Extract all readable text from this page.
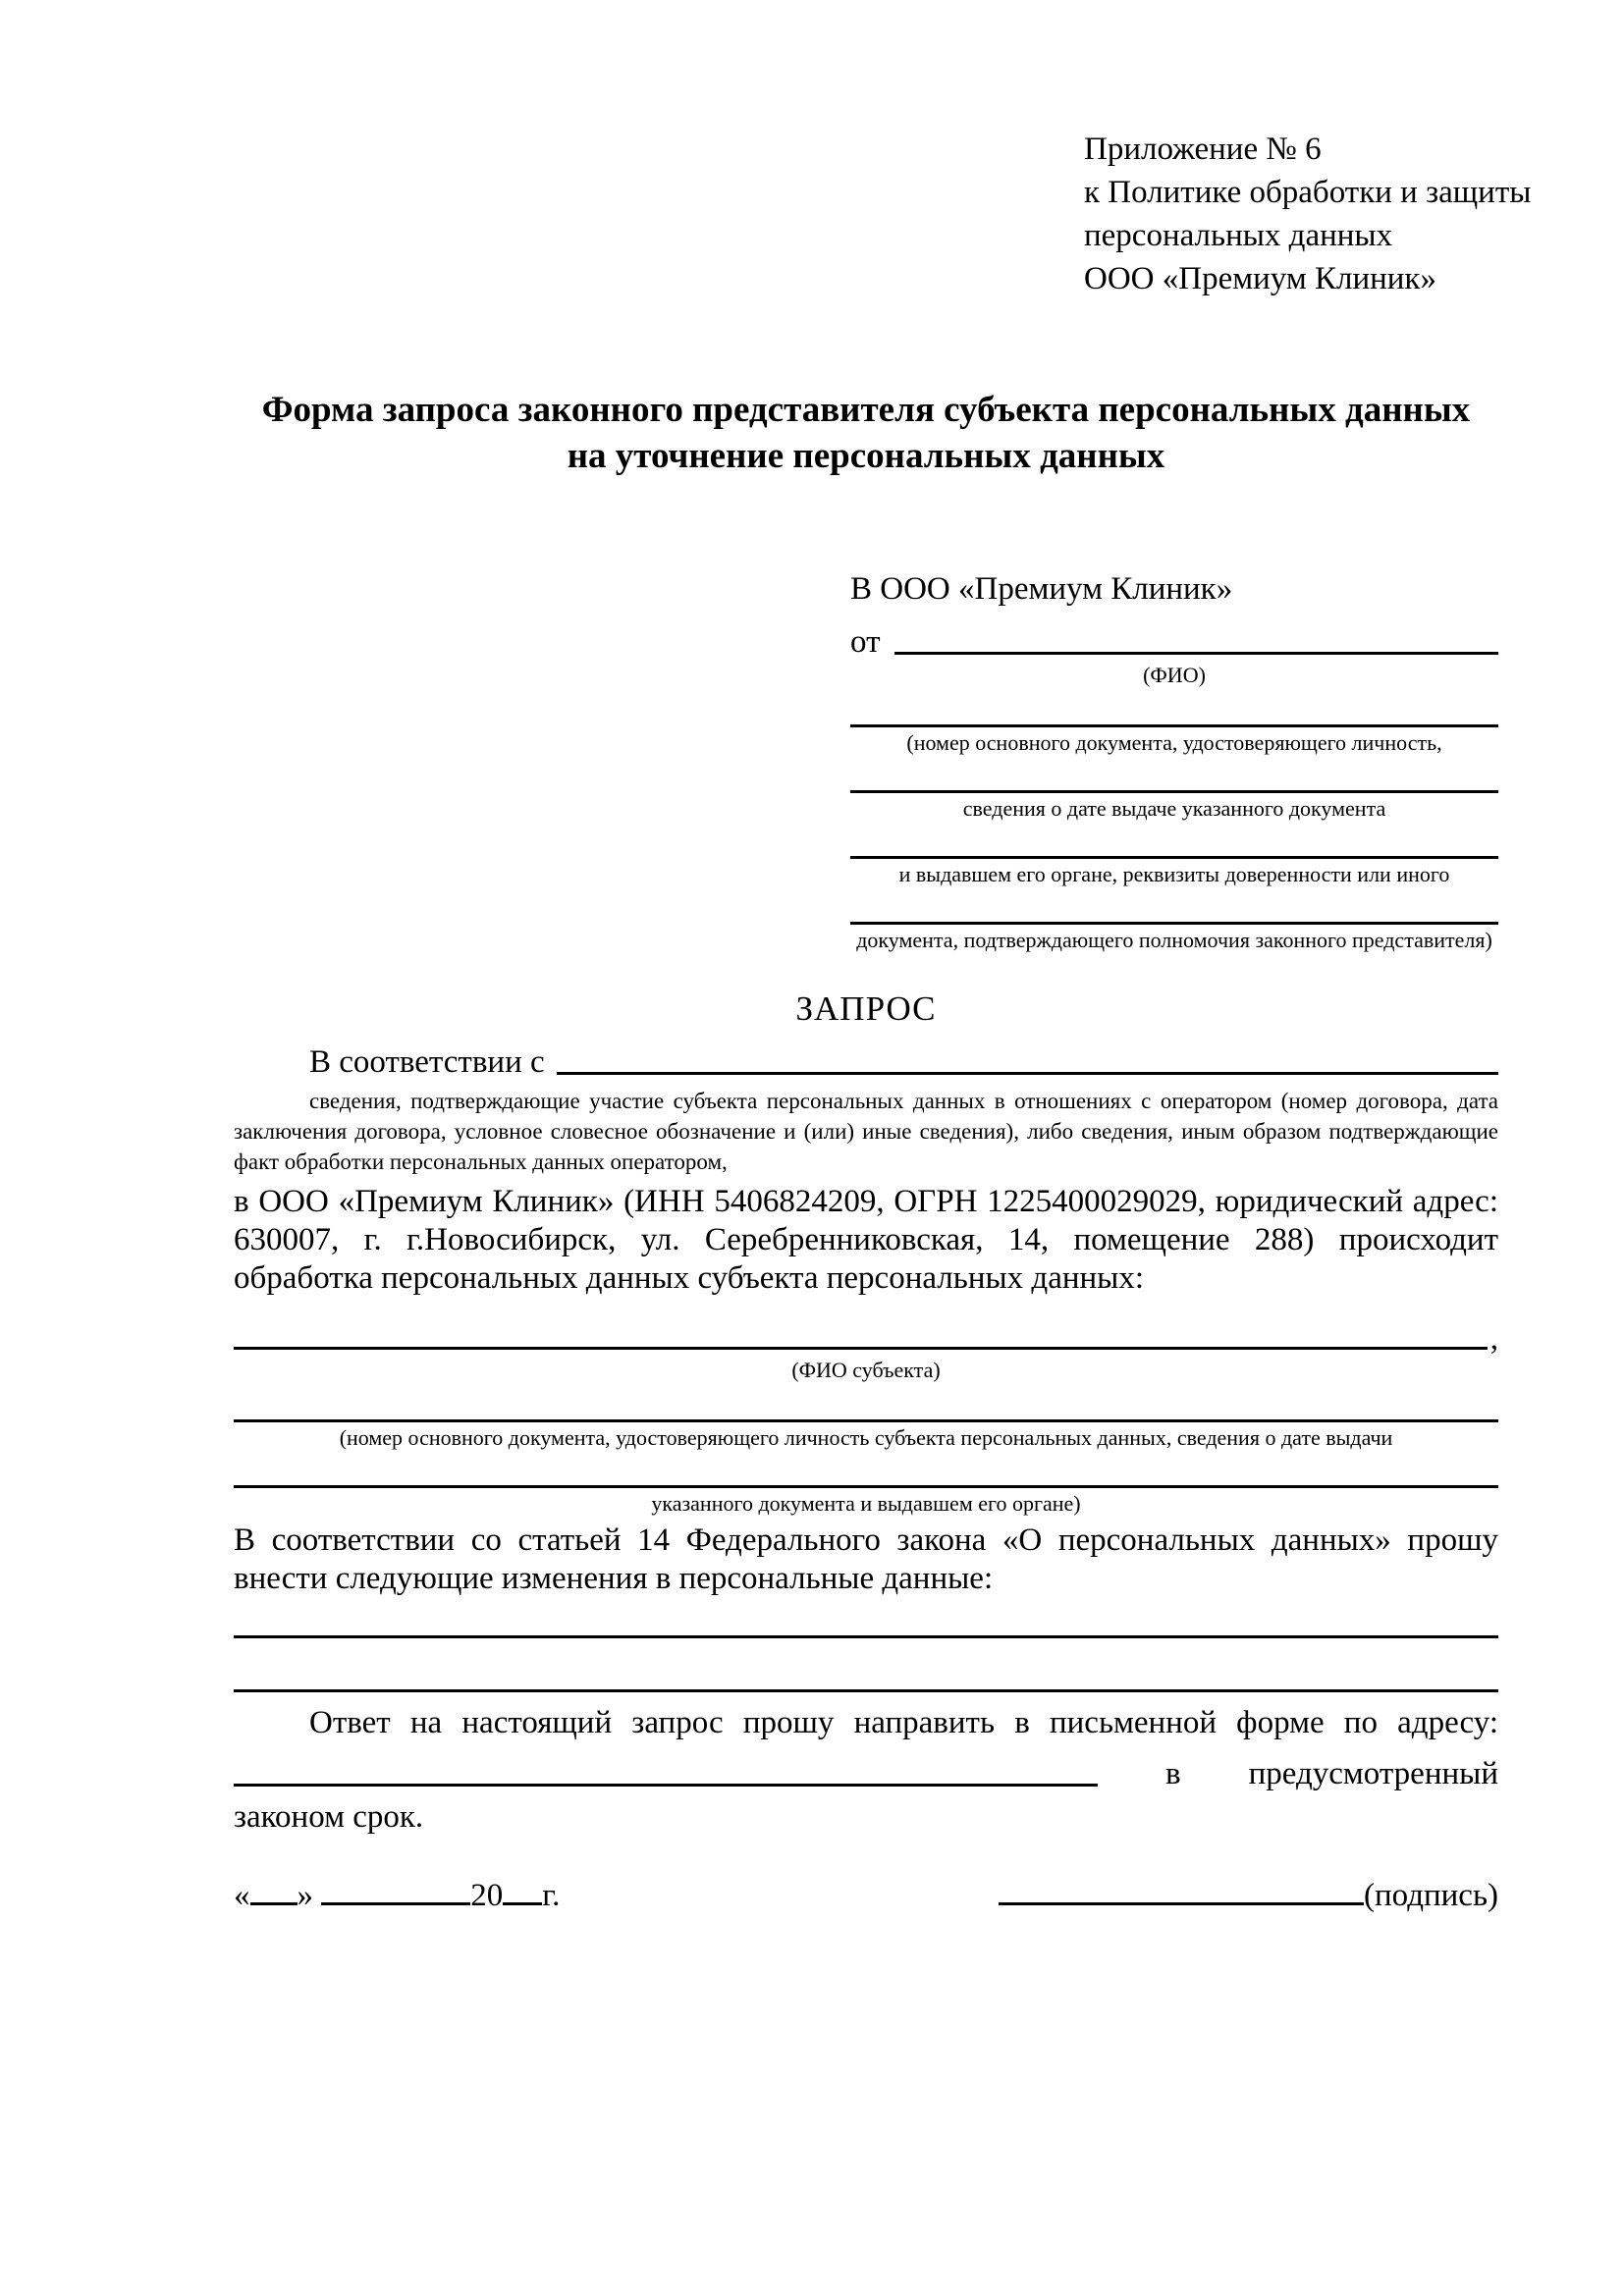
Приложение № 6
к Политике обработки и защиты
персональных данных
ООО «Премиум Клиник»
Форма запроса законного представителя субъекта персональных данных
на уточнение персональных данных
В ООО «Премиум Клиник»
от
(ФИО)
(номер основного документа, удостоверяющего личность,
сведения о дате выдаче указанного документа
и выдавшем его органе, реквизиты доверенности или иного
документа, подтверждающего полномочия законного представителя)
ЗАПРОС
В соответствии с
сведения, подтверждающие участие субъекта персональных данных в отношениях с оператором (номер договора, дата заключения договора, условное словесное обозначение и (или) иные сведения), либо сведения, иным образом подтверждающие факт обработки персональных данных оператором,
в ООО «Премиум Клиник» (ИНН 5406824209, ОГРН 1225400029029, юридический адрес:
630007, г. г.Новосибирск, ул. Серебренниковская, 14, помещение 288) происходит
обработка персональных данных субъекта персональных данных:
,
(ФИО субъекта)
(номер основного документа, удостоверяющего личность субъекта персональных данных, сведения о дате выдачи
указанного документа и выдавшем его органе)
В соответствии со статьей 14 Федерального закона «О персональных данных» прошу
внести следующие изменения в персональные данные:
Ответ на настоящий запрос прошу направить в письменной форме по адресу:
в предусмотренный
законом срок.
« »	20 г.	(подпись)
